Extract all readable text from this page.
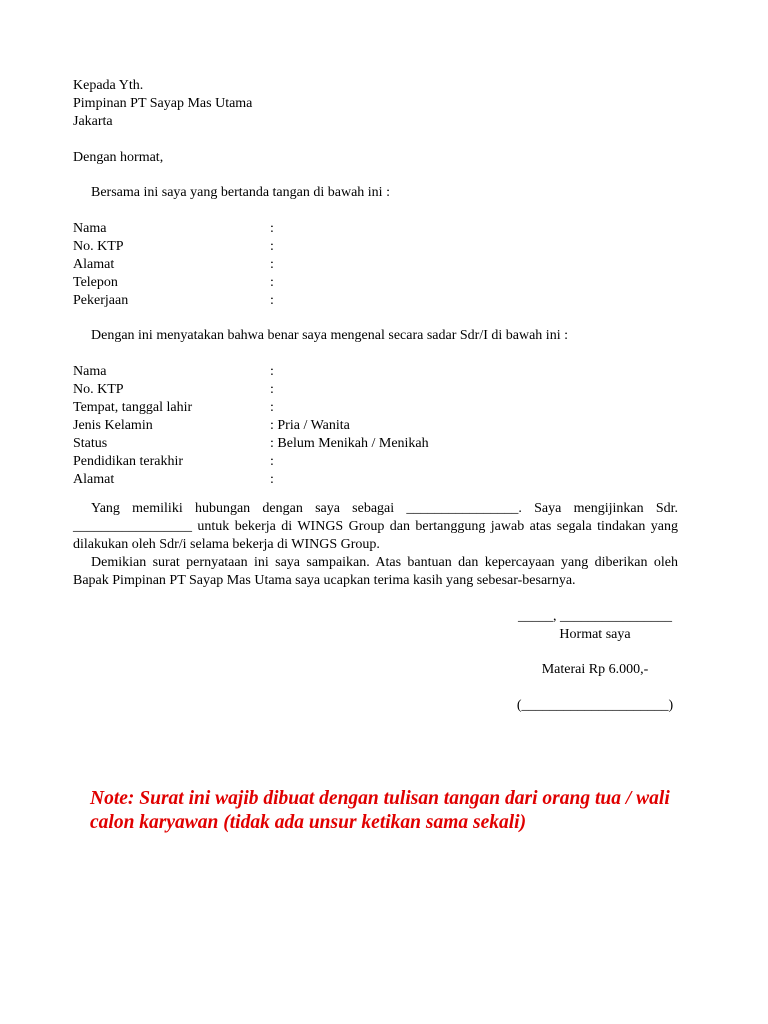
Kepada Yth.
Pimpinan PT Sayap Mas Utama
Jakarta
Dengan hormat,
Bersama ini saya yang bertanda tangan di bawah ini :
Nama	:
No. KTP	:
Alamat	:
Telepon	:
Pekerjaan	:
Dengan ini menyatakan bahwa benar saya mengenal secara sadar Sdr/I di bawah ini :
Nama	:
No. KTP	:
Tempat, tanggal lahir	:
Jenis Kelamin	: Pria / Wanita
Status	: Belum Menikah / Menikah
Pendidikan terakhir	:
Alamat	:
Yang memiliki hubungan dengan saya sebagai ________________. Saya mengijinkan Sdr. _________________ untuk bekerja di WINGS Group dan bertanggung jawab atas segala tindakan yang dilakukan oleh Sdr/i selama bekerja di WINGS Group.
Demikian surat pernyataan ini saya sampaikan. Atas bantuan dan kepercayaan yang diberikan oleh Bapak Pimpinan PT Sayap Mas Utama saya ucapkan terima kasih yang sebesar-besarnya.
_____, ________________
Hormat saya
Materai Rp 6.000,-
(_____________________)
Note: Surat ini wajib dibuat dengan tulisan tangan dari orang tua / wali calon karyawan (tidak ada unsur ketikan sama sekali)
